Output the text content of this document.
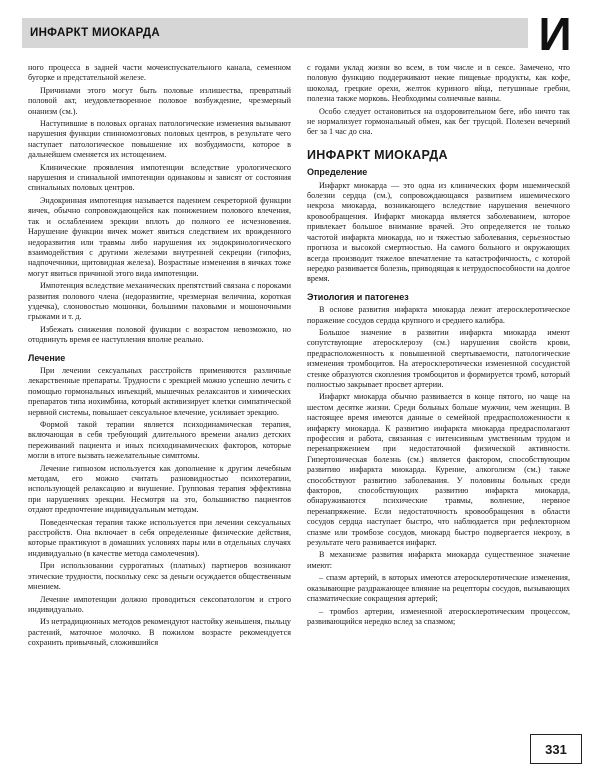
ИНФАРКТ МИОКАРДА	И

ного процесса в задней части мочеиспускательного канала, семенном бугорке и предстательной железе.

Причинами этого могут быть половые излишества, превратный половой акт, неудовлетворенное половое возбуждение, чрезмерный онанизм (см.).

Наступившие в половых органах патологические изменения вызывают нарушения функции спинномозговых половых центров, в результате чего наступает патологическое повышение их возбудимости, которое в дальнейшем сменяется их истощением.

Клинические проявления импотенции вследствие урологического нарушения и спинальной импотенции одинаковы и зависят от состояния спинальных половых центров.

Эндокринная импотенция называется падением секреторной функции яичек, обычно сопровождающейся как понижением полового влечения, так и ослаблением эрекции вплоть до полного ее исчезновения. Нарушение функции яичек может явиться следствием их врожденного недоразвития или травмы либо нарушения их эндокринологического взаимодействия с другими железами внутренней секреции (гипофиз, надпочечники, щитовидная железа). Возрастные изменения в яичках тоже могут явиться причиной этого вида импотенции.

Импотенция вследствие механических препятствий связана с пороками развития полового члена (недоразвитие, чрезмерная величина, короткая уздечка), слоновостью мошонки, большими паховыми и мошоночными грыжами и т. д.

Избежать снижения половой функции с возрастом невозможно, но отодвинуть время ее наступления вполне реально.

Лечение

При лечении сексуальных расстройств применяются различные лекарственные препараты. Трудности с эрекцией можно успешно лечить с помощью гормональных инъекций, мышечных релаксантов и химических препаратов типа иохимбина, который активизирует клетки симпатической нервной системы, повышает сексуальное влечение, усиливает эрекцию.

Формой такой терапии является психодинамическая терапия, включающая в себя требующий длительного времени анализ детских переживаний пациента и иных психодинамических факторов, которые могли в итоге вызвать нежелательные симптомы.

Лечение гипнозом используется как дополнение к другим лечебным методам, его можно считать разновидностью психотерапии, использующей релаксацию и внушение. Групповая терапия эффективна при нарушениях эрекции. Несмотря на это, большинство пациентов отдают предпочтение индивидуальным методам.

Поведенческая терапия также используется при лечении сексуальных расстройств. Она включает в себя определенные физические действия, которые практикуют в домашних условиях пары или в отдельных случаях индивидуально (в качестве метода самолечения).

При использовании суррогатных (платных) партнеров возникают этические трудности, поскольку секс за деньги осуждается общественным мнением.

Лечение импотенции должно проводиться сексопатологом и строго индивидуально.

Из нетрадиционных методов рекомендуют настойку женьшеня, пыльцу растений, маточное молочко. В пожилом возрасте рекомендуется сохранить привычный, сложившийся

с годами уклад жизни во всем, в том числе и в сексе. Замечено, что половую функцию поддерживают некие пищевые продукты, как кофе, шоколад, грецкие орехи, желток куриного яйца, петушиные гребни, полезна также морковь. Необходимы солнечные ванны.

Особо следует остановиться на оздоровительном беге, ибо ничто так не нормализует гормональный обмен, как бег трусцой. Полезен вечерний бег за 1 час до сна.

ИНФАРКТ МИОКАРДА
Определение

Инфаркт миокарда — это одна из клинических форм ишемической болезни сердца (см.), сопровождающаяся развитием ишемического некроза миокарда, возникающего вследствие нарушения венечного кровообращения. Инфаркт миокарда является заболеванием, которое привлекает большое внимание врачей. Это определяется не только частотой инфаркта миокарда, но и тяжестью заболевания, серьезностью прогноза и высокой смертностью. На самого больного и окружающих всегда производит тяжелое впечатление та катастрофичность, с которой нередко развивается болезнь, приводящая к нетрудоспособности на долгое время.

Этиология и патогенез

В основе развития инфаркта миокарда лежит атеросклеротическое поражение сосудов сердца крупного и среднего калибра.

Большое значение в развитии инфаркта миокарда имеют сопутствующие атеросклерозу (см.) нарушения свойств крови, предрасположенность к повышенной свертываемости, патологические изменения тромбоцитов. На атеросклеротически измененной сосудистой стенке образуются скопления тромбоцитов и формируется тромб, который полностью закрывает просвет артерии.

Инфаркт миокарда обычно развивается в конце пятого, но чаще на шестом десятке жизни. Среди больных больше мужчин, чем женщин. В настоящее время имеются данные о семейной предрасположенности к инфаркту миокарда. К развитию инфаркта миокарда предрасполагают профессия и работа, связанная с интенсивным умственным трудом и перенапряжением при недостаточной физической активности. Гипертоническая болезнь (см.) является фактором, способствующим развитию инфаркта миокарда. Курение, алкоголизм (см.) также способствуют развитию заболевания. У половины больных среди факторов, способствующих развитию инфаркта миокарда, обнаруживаются психические травмы, волнение, нервное перенапряжение. Если недостаточность кровообращения в области сосудов сердца наступает быстро, что наблюдается при рефлекторном спазме или тромбозе сосудов, миокард быстро подвергается некрозу, в результате чего развивается инфаркт.

В механизме развития инфаркта миокарда существенное значение имеют:

– спазм артерий, в которых имеются атеросклеротические изменения, оказывающие раздражающее влияние на рецепторы сосудов, вызывающих спазматические сокращения артерий;

– тромбоз артерии, измененной атеросклеротическим процессом, развивающийся нередко вслед за спазмом;

331
